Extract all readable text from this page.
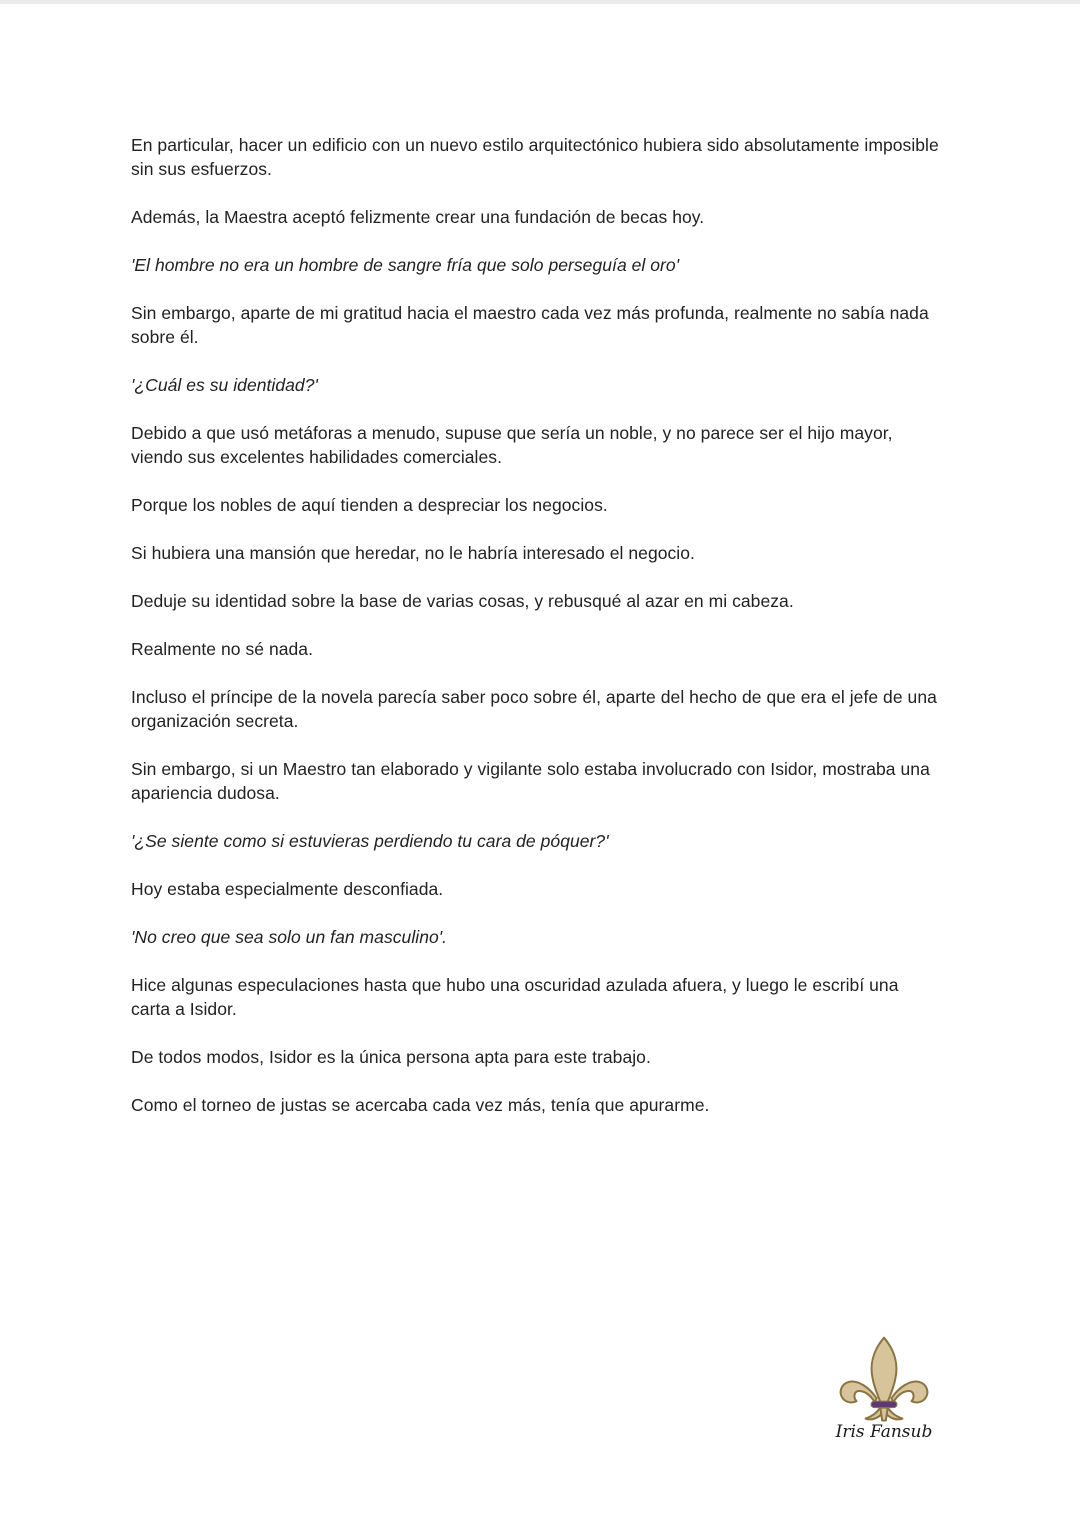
En particular, hacer un edificio con un nuevo estilo arquitectónico hubiera sido absolutamente imposible sin sus esfuerzos.

Además, la Maestra aceptó felizmente crear una fundación de becas hoy.

'El hombre no era un hombre de sangre fría que solo perseguía el oro'

Sin embargo, aparte de mi gratitud hacia el maestro cada vez más profunda, realmente no sabía nada sobre él.

'¿Cuál es su identidad?'

Debido a que usó metáforas a menudo, supuse que sería un noble, y no parece ser el hijo mayor, viendo sus excelentes habilidades comerciales.

Porque los nobles de aquí tienden a despreciar los negocios.

Si hubiera una mansión que heredar, no le habría interesado el negocio.

Deduje su identidad sobre la base de varias cosas, y rebusqué al azar en mi cabeza.

Realmente no sé nada.

Incluso el príncipe de la novela parecía saber poco sobre él, aparte del hecho de que era el jefe de una organización secreta.

Sin embargo, si un Maestro tan elaborado y vigilante solo estaba involucrado con Isidor, mostraba una apariencia dudosa.

'¿Se siente como si estuvieras perdiendo tu cara de póquer?'

Hoy estaba especialmente desconfiada.

'No creo que sea solo un fan masculino'.

Hice algunas especulaciones hasta que hubo una oscuridad azulada afuera, y luego le escribí una carta a Isidor.

De todos modos, Isidor es la única persona apta para este trabajo.

Como el torneo de justas se acercaba cada vez más, tenía que apurarme.

Iris Fansub
